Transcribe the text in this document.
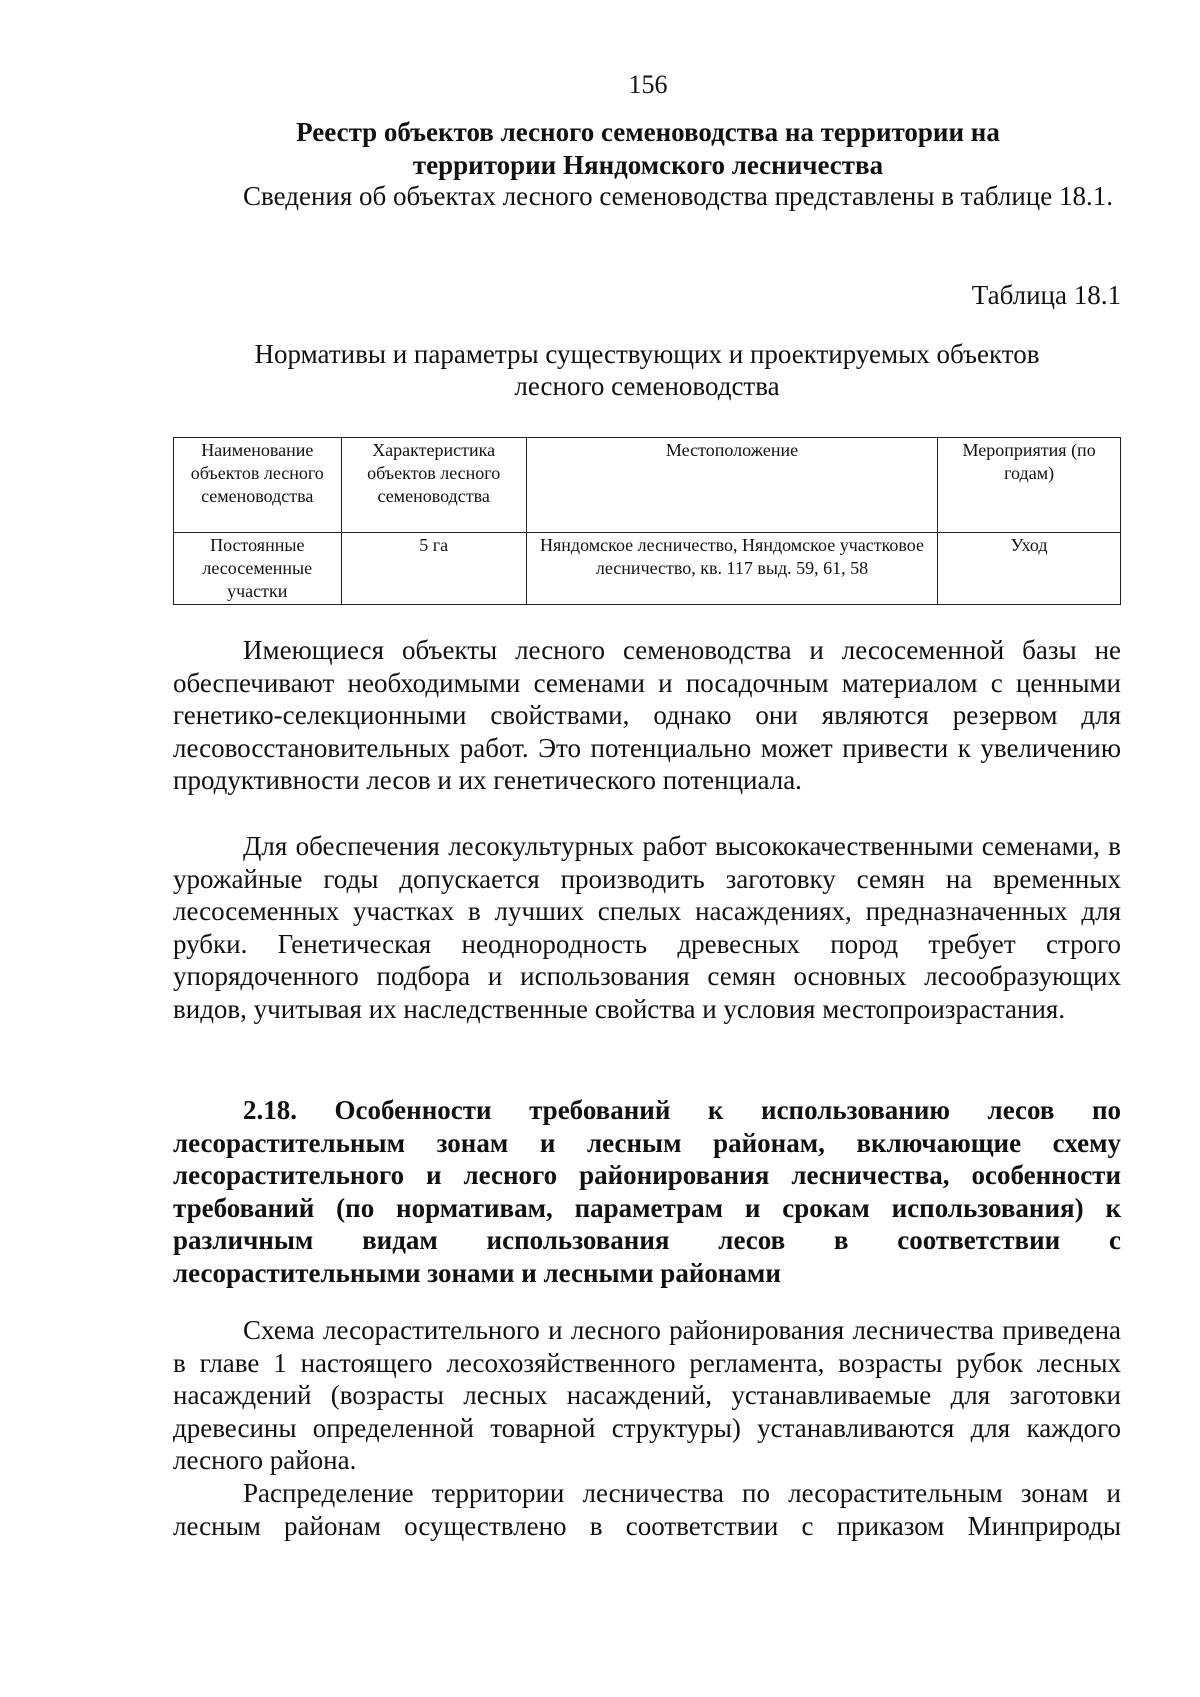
156
Реестр объектов лесного семеноводства на территории на
территории Няндомского лесничества

Сведения об объектах лесного семеноводства представлены в таблице 18.1.

Таблица 18.1
Нормативы и параметры существующих и проектируемых объектов
лесного семеноводства
Наименование объектов лесного семеноводства	Характеристика объектов лесного семеноводства	Местоположение	Мероприятия (по годам)
Постоянные лесосеменные участки	5 га	Няндомское лесничество, Няндомское участковое лесничество, кв. 117 выд. 59, 61, 58	Уход

Имеющиеся объекты лесного семеноводства и лесосеменной базы не обеспечивают необходимыми семенами и посадочным материалом с ценными генетико-селекционными свойствами, однако они являются резервом для лесовосстановительных работ. Это потенциально может привести к увеличению продуктивности лесов и их генетического потенциала.

Для обеспечения лесокультурных работ высококачественными семенами, в урожайные годы допускается производить заготовку семян на временных лесосеменных участках в лучших спелых насаждениях, предназначенных для рубки. Генетическая неоднородность древесных пород требует строго упорядоченного подбора и использования семян основных лесообразующих видов, учитывая их наследственные свойства и условия местопроизрастания.

2.18. Особенности требований к использованию лесов по лесорастительным зонам и лесным районам, включающие схему лесорастительного и лесного районирования лесничества, особенности требований (по нормативам, параметрам и срокам использования) к различным видам использования лесов в соответствии с лесорастительными зонами и лесными районами

Схема лесорастительного и лесного районирования лесничества приведена в главе 1 настоящего лесохозяйственного регламента, возрасты рубок лесных насаждений (возрасты лесных насаждений, устанавливаемые для заготовки древесины определенной товарной структуры) устанавливаются для каждого лесного района.

Распределение территории лесничества по лесорастительным зонам и лесным районам осуществлено в соответствии с приказом Минприроды
